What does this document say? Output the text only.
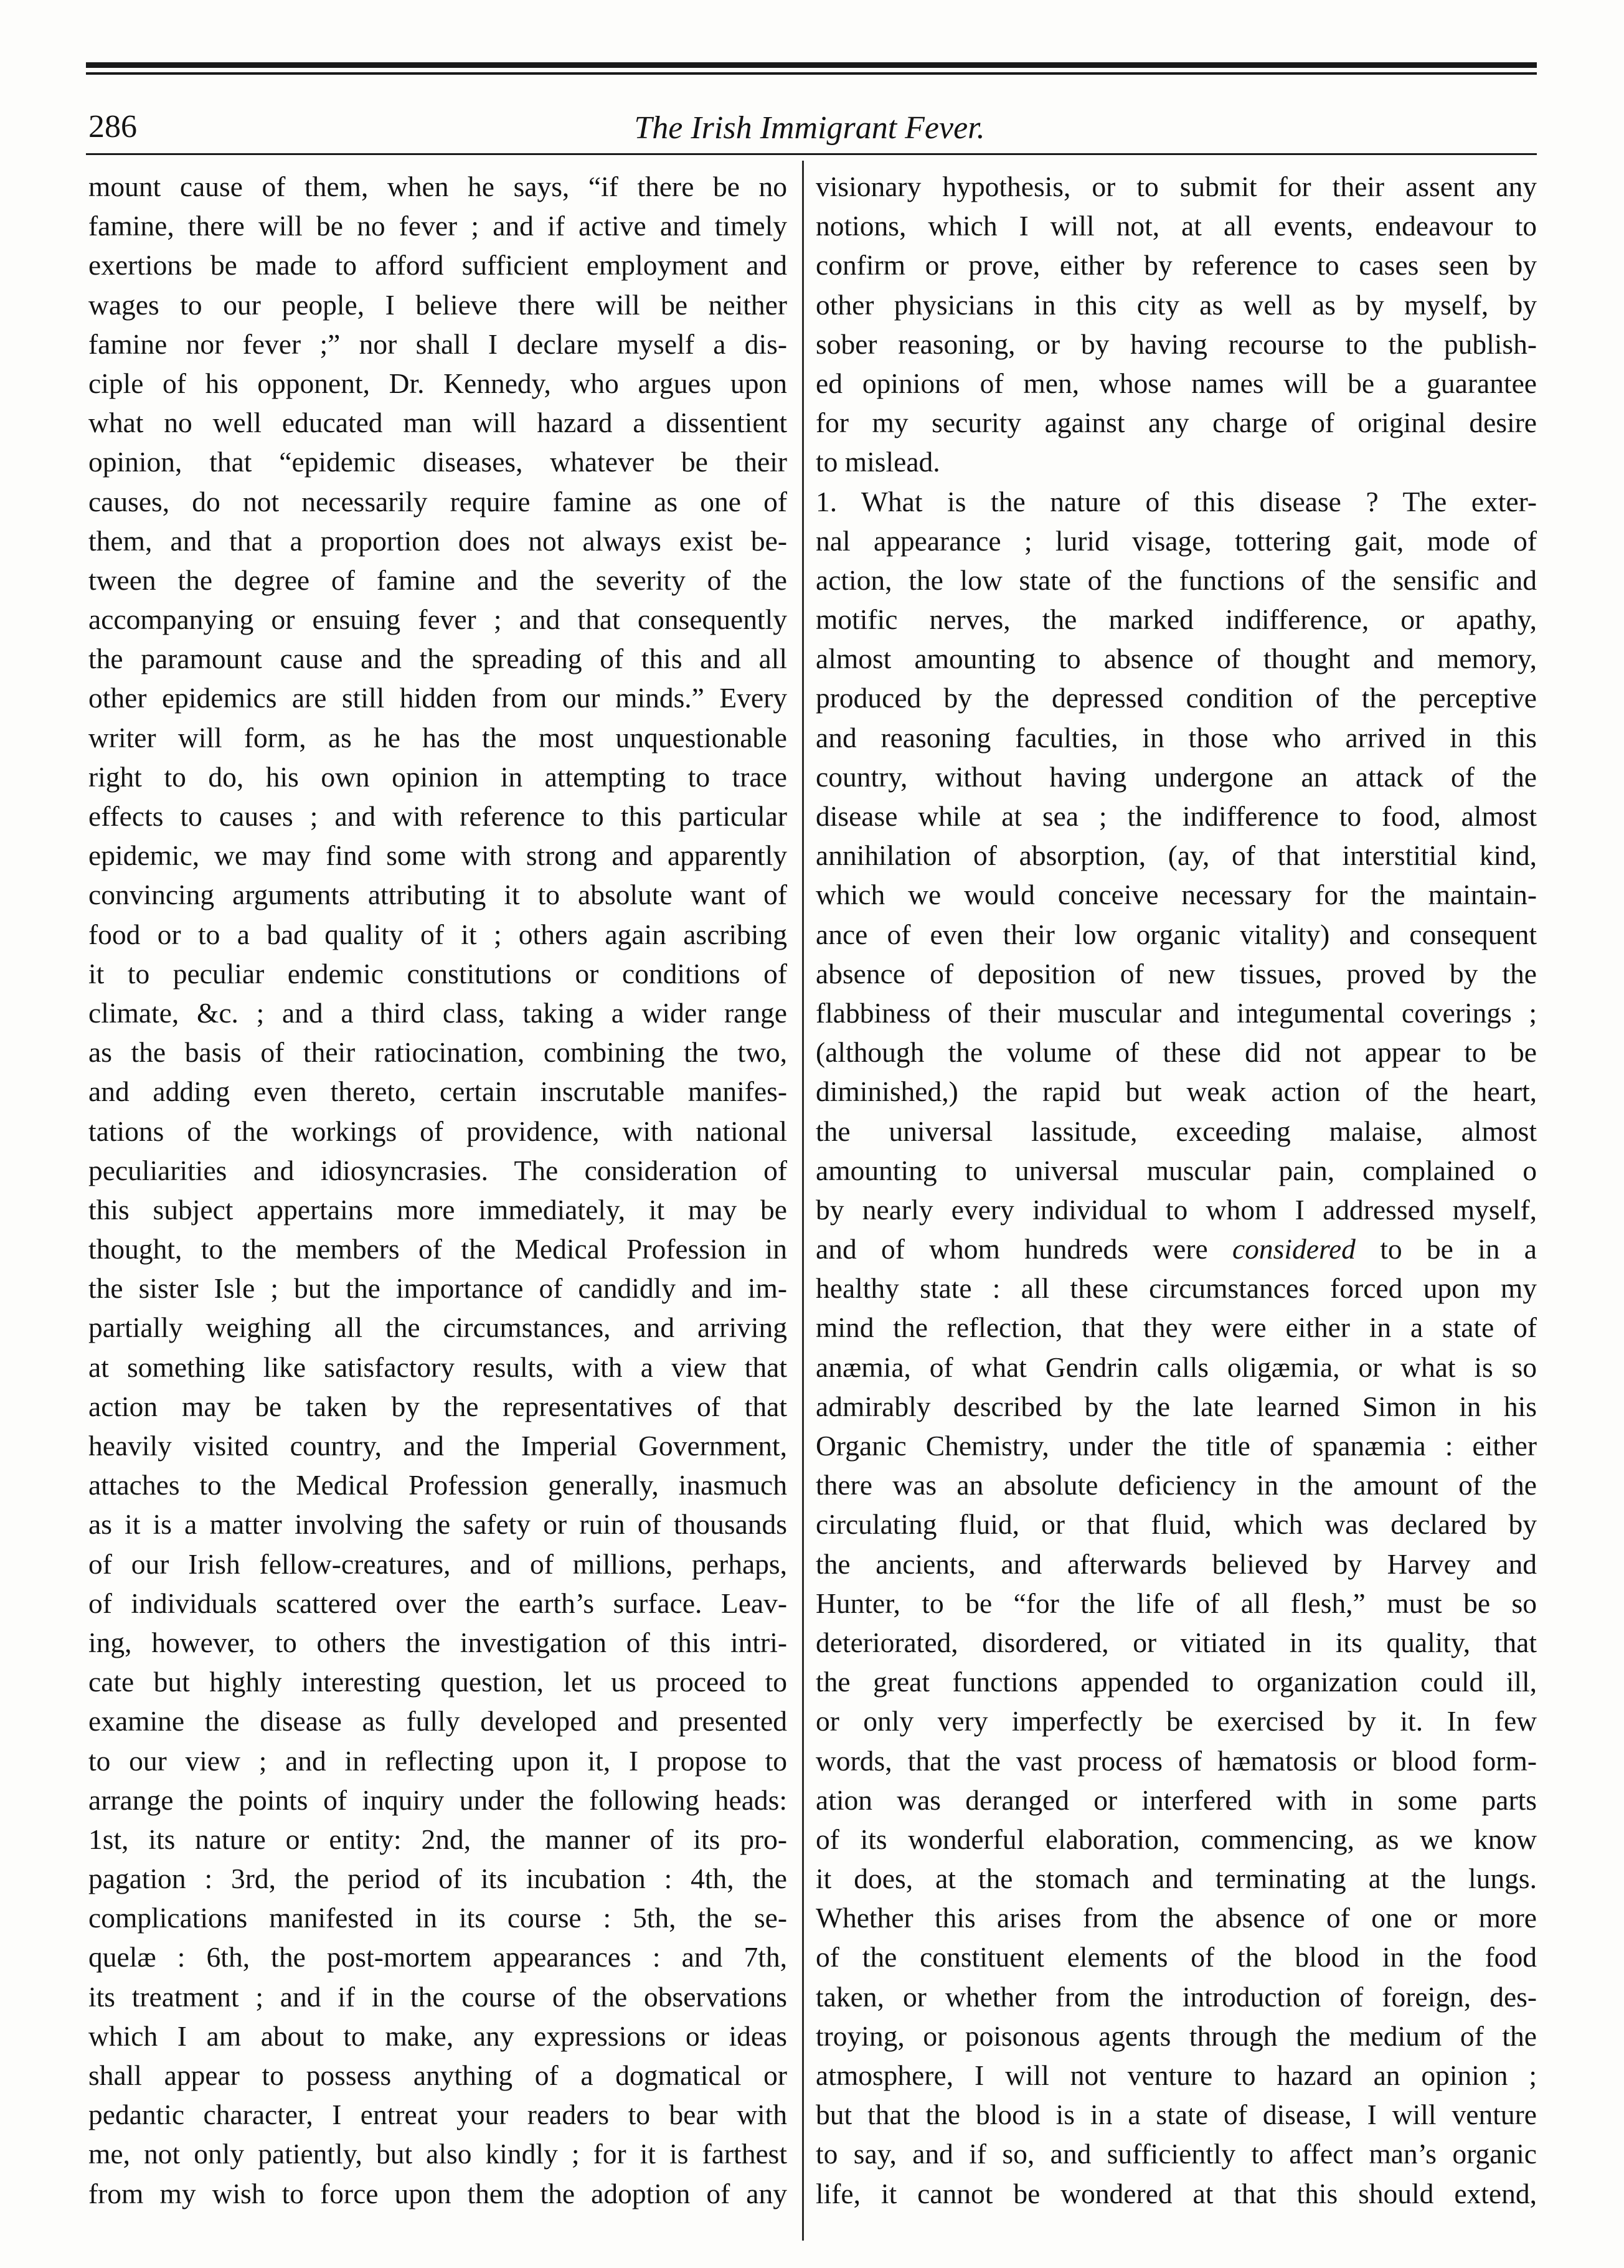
286	The Irish Immigrant Fever.
mount cause of them, when he says, “if there be no
famine, there will be no fever ; and if active and timely
exertions be made to afford sufficient employment and
wages to our people, I believe there will be neither
famine nor fever ;” nor shall I declare myself a dis-
ciple of his opponent, Dr. Kennedy, who argues upon
what no well educated man will hazard a dissentient
opinion, that “epidemic diseases, whatever be their
causes, do not necessarily require famine as one of
them, and that a proportion does not always exist be-
tween the degree of famine and the severity of the
accompanying or ensuing fever ; and that consequently
the paramount cause and the spreading of this and all
other epidemics are still hidden from our minds.” Every
writer will form, as he has the most unquestionable
right to do, his own opinion in attempting to trace
effects to causes ; and with reference to this particular
epidemic, we may find some with strong and apparently
convincing arguments attributing it to absolute want of
food or to a bad quality of it ; others again ascribing
it to peculiar endemic constitutions or conditions of
climate, &c. ; and a third class, taking a wider range
as the basis of their ratiocination, combining the two,
and adding even thereto, certain inscrutable manifes-
tations of the workings of providence, with national
peculiarities and idiosyncrasies. The consideration of
this subject appertains more immediately, it may be
thought, to the members of the Medical Profession in
the sister Isle ; but the importance of candidly and im-
partially weighing all the circumstances, and arriving
at something like satisfactory results, with a view that
action may be taken by the representatives of that
heavily visited country, and the Imperial Government,
attaches to the Medical Profession generally, inasmuch
as it is a matter involving the safety or ruin of thousands
of our Irish fellow-creatures, and of millions, perhaps,
of individuals scattered over the earth’s surface. Leav-
ing, however, to others the investigation of this intri-
cate but highly interesting question, let us proceed to
examine the disease as fully developed and presented
to our view ; and in reflecting upon it, I propose to
arrange the points of inquiry under the following heads:
1st, its nature or entity: 2nd, the manner of its pro-
pagation : 3rd, the period of its incubation : 4th, the
complications manifested in its course : 5th, the se-
quelæ : 6th, the post-mortem appearances : and 7th,
its treatment ; and if in the course of the observations
which I am about to make, any expressions or ideas
shall appear to possess anything of a dogmatical or
pedantic character, I entreat your readers to bear with
me, not only patiently, but also kindly ; for it is farthest
from my wish to force upon them the adoption of any
visionary hypothesis, or to submit for their assent any
notions, which I will not, at all events, endeavour to
confirm or prove, either by reference to cases seen by
other physicians in this city as well as by myself, by
sober reasoning, or by having recourse to the publish-
ed opinions of men, whose names will be a guarantee
for my security against any charge of original desire
to mislead.
1. What is the nature of this disease ? The exter-
nal appearance ; lurid visage, tottering gait, mode of
action, the low state of the functions of the sensific and
motific nerves, the marked indifference, or apathy,
almost amounting to absence of thought and memory,
produced by the depressed condition of the perceptive
and reasoning faculties, in those who arrived in this
country, without having undergone an attack of the
disease while at sea ; the indifference to food, almost
annihilation of absorption, (ay, of that interstitial kind,
which we would conceive necessary for the maintain-
ance of even their low organic vitality) and consequent
absence of deposition of new tissues, proved by the
flabbiness of their muscular and integumental coverings ;
(although the volume of these did not appear to be
diminished,) the rapid but weak action of the heart,
the universal lassitude, exceeding malaise, almost
amounting to universal muscular pain, complained o
by nearly every individual to whom I addressed myself,
and of whom hundreds were considered to be in a
healthy state : all these circumstances forced upon my
mind the reflection, that they were either in a state of
anæmia, of what Gendrin calls oligæmia, or what is so
admirably described by the late learned Simon in his
Organic Chemistry, under the title of spanæmia : either
there was an absolute deficiency in the amount of the
circulating fluid, or that fluid, which was declared by
the ancients, and afterwards believed by Harvey and
Hunter, to be “for the life of all flesh,” must be so
deteriorated, disordered, or vitiated in its quality, that
the great functions appended to organization could ill,
or only very imperfectly be exercised by it. In few
words, that the vast process of hæmatosis or blood form-
ation was deranged or interfered with in some parts
of its wonderful elaboration, commencing, as we know
it does, at the stomach and terminating at the lungs.
Whether this arises from the absence of one or more
of the constituent elements of the blood in the food
taken, or whether from the introduction of foreign, des-
troying, or poisonous agents through the medium of the
atmosphere, I will not venture to hazard an opinion ;
but that the blood is in a state of disease, I will venture
to say, and if so, and sufficiently to affect man’s organic
life, it cannot be wondered at that this should extend,
